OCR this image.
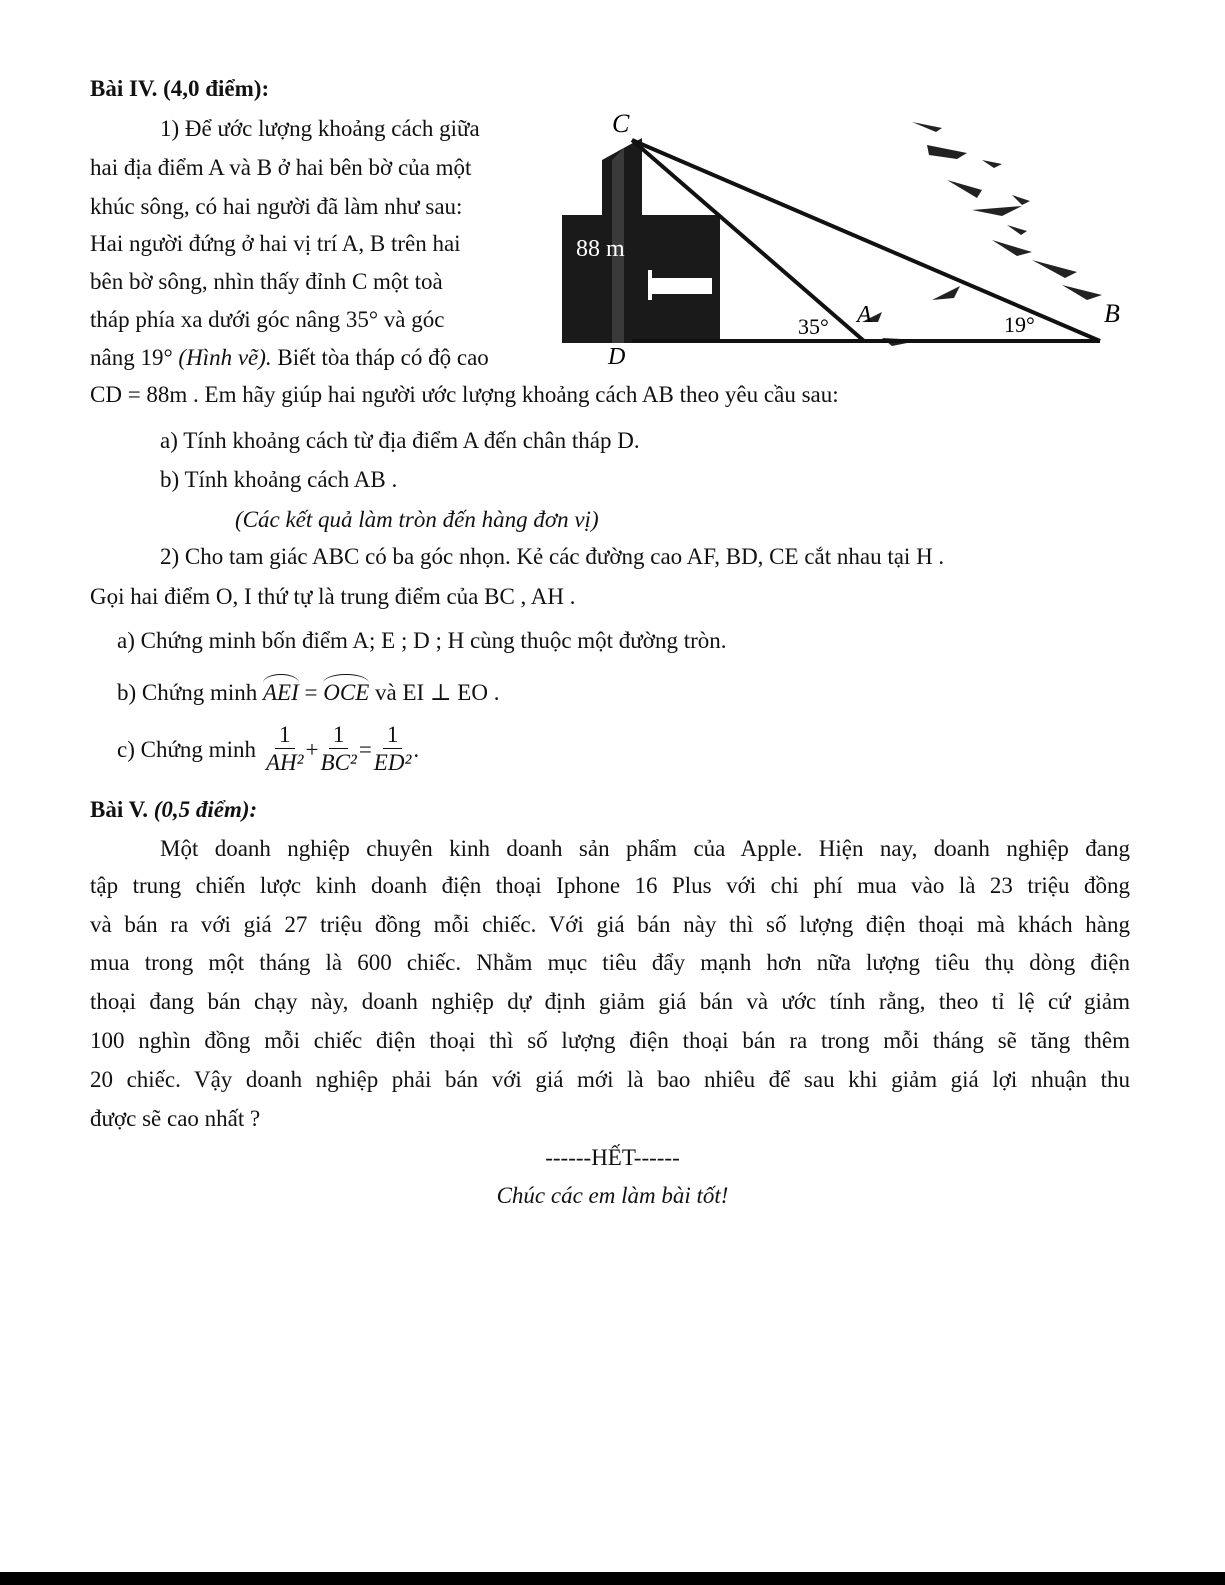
Bài IV. (4,0 điểm):
1) Để ước lượng khoảng cách giữa
hai địa điểm A và B ở hai bên bờ của một
khúc sông, có hai người đã làm như sau:
Hai người đứng ở hai vị trí A, B trên hai
bên bờ sông, nhìn thấy đỉnh C một toà
tháp phía xa dưới góc nâng 35° và góc
nâng 19° (Hình vẽ). Biết tòa tháp có độ cao
CD = 88m . Em hãy giúp hai người ước lượng khoảng cách AB theo yêu cầu sau:
C
D
A	B
88 m
35°	19°
a) Tính khoảng cách từ địa điểm A đến chân tháp D.
b) Tính khoảng cách AB .
(Các kết quả làm tròn đến hàng đơn vị)
2) Cho tam giác ABC có ba góc nhọn. Kẻ các đường cao AF, BD, CE cắt nhau tại H .
Gọi hai điểm O, I thứ tự là trung điểm của BC , AH .
a) Chứng minh bốn điểm A; E ; D ; H cùng thuộc một đường tròn.
b) Chứng minh AEI = OCE và EI ⊥ EO .
c) Chứng minh $\frac{1}{\text{AH²}} + \frac{1}{\text{BC²}} = \frac{1}{\text{ED²}}$ .
Bài V. (0,5 điểm):
Một doanh nghiệp chuyên kinh doanh sản phẩm của Apple. Hiện nay, doanh nghiệp đang
tập trung chiến lược kinh doanh điện thoại Iphone 16 Plus với chi phí mua vào là 23 triệu đồng
và bán ra với giá 27 triệu đồng mỗi chiếc. Với giá bán này thì số lượng điện thoại mà khách hàng
mua trong một tháng là 600 chiếc. Nhằm mục tiêu đẩy mạnh hơn nữa lượng tiêu thụ dòng điện
thoại đang bán chạy này, doanh nghiệp dự định giảm giá bán và ước tính rằng, theo tỉ lệ cứ giảm
100 nghìn đồng mỗi chiếc điện thoại thì số lượng điện thoại bán ra trong mỗi tháng sẽ tăng thêm
20 chiếc. Vậy doanh nghiệp phải bán với giá mới là bao nhiêu để sau khi giảm giá lợi nhuận thu
được sẽ cao nhất ?
------HẾT------
Chúc các em làm bài tốt!
